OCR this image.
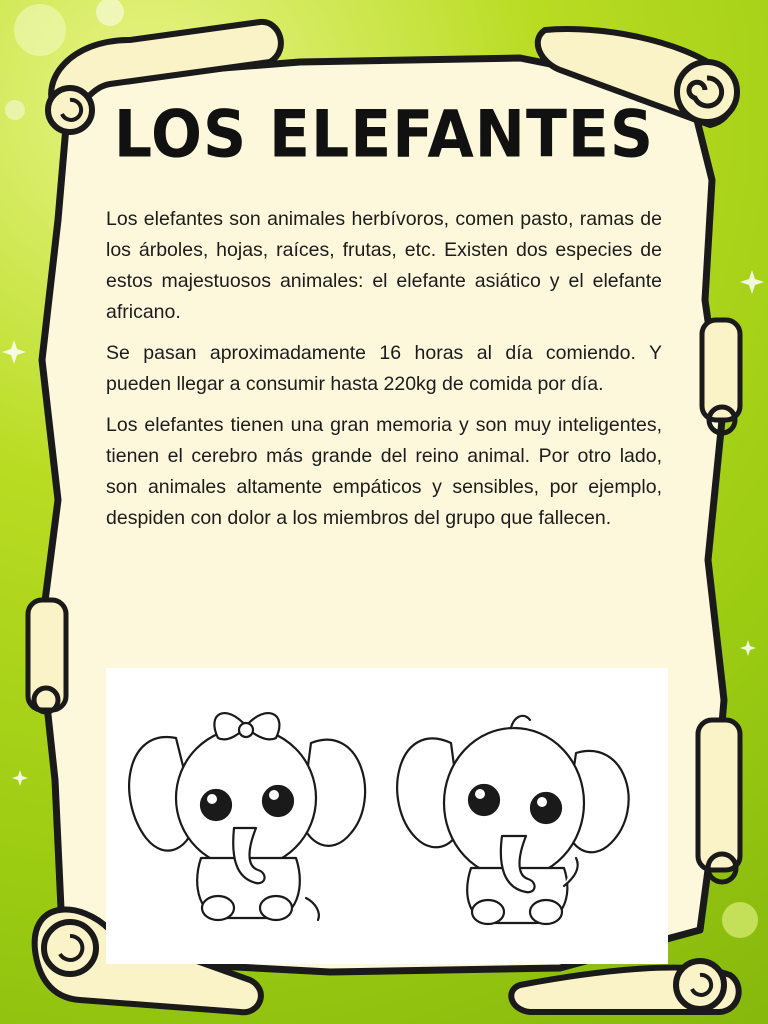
LOS ELEFANTES

Los elefantes son animales herbívoros, comen pasto, ramas de los árboles, hojas, raíces, frutas, etc. Existen dos especies de estos majestuosos animales: el elefante asiático y el elefante africano.

Se pasan aproximadamente 16 horas al día comiendo. Y pueden llegar a consumir hasta 220kg de comida por día.

Los elefantes tienen una gran memoria y son muy inteligentes, tienen el cerebro más grande del reino animal. Por otro lado, son animales altamente empáticos y sensibles, por ejemplo, despiden con dolor a los miembros del grupo que fallecen.
